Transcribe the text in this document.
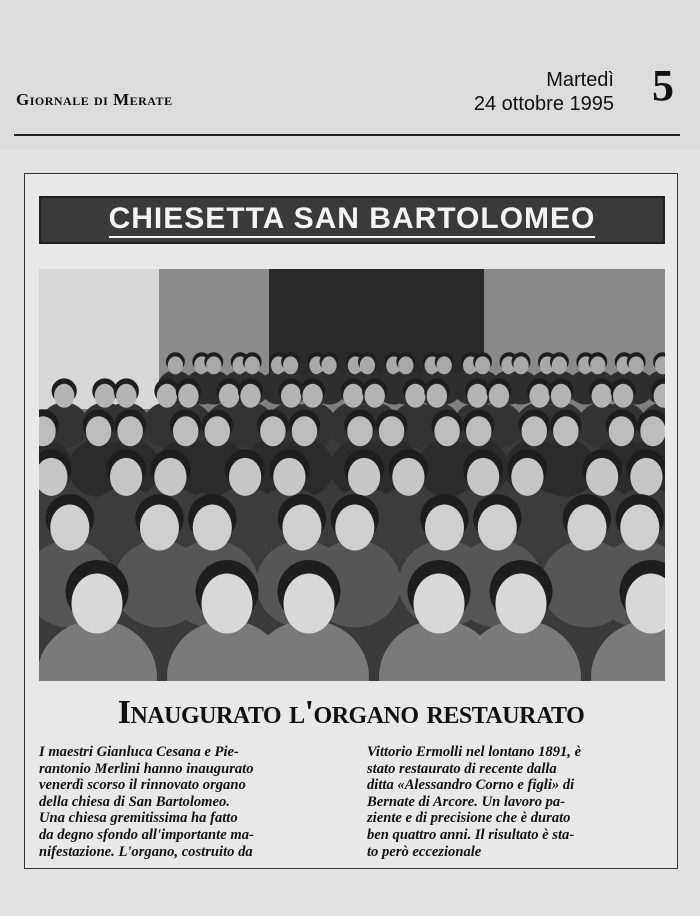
Giornale di Merate
Martedì
24 ottobre 1995 5
CHIESETTA SAN BARTOLOMEO
Inaugurato l'organo restaurato
I maestri Gianluca Cesana e Pie-
rantonio Merlini hanno inaugurato
venerdì scorso il rinnovato organo
della chiesa di San Bartolomeo.
Una chiesa gremitissima ha fatto
da degno sfondo all'importante ma-
nifestazione. L'organo, costruito da
Vittorio Ermolli nel lontano 1891, è
stato restaurato di recente dalla
ditta «Alessandro Corno e figli» di
Bernate di Arcore. Un lavoro pa-
ziente e di precisione che è durato
ben quattro anni. Il risultato è sta-
to però eccezionale
